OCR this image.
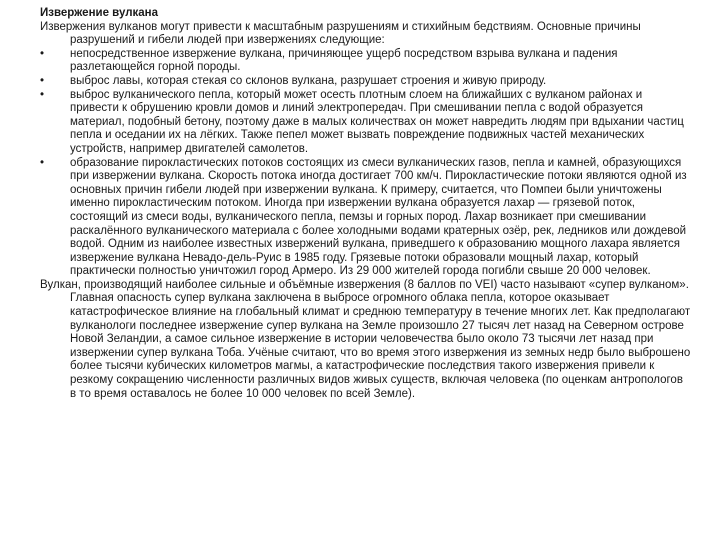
Извержение вулкана

Извержения вулканов могут привести к масштабным разрушениям и стихийным бедствиям. Основные причины разрушений и гибели людей при извержениях следующие:

•	непосредственное извержение вулкана, причиняющее ущерб посредством взрыва вулкана и падения разлетающейся горной породы.
•	выброс лавы, которая стекая со склонов вулкана, разрушает строения и живую природу.
•	выброс вулканического пепла, который может осесть плотным слоем на ближайших с вулканом районах и привести к обрушению кровли домов и линий электропередач. При смешивании пепла с водой образуется материал, подобный бетону, поэтому даже в малых количествах он может навредить людям при вдыхании частиц пепла и оседании их на лёгких. Также пепел может вызвать повреждение подвижных частей механических устройств, например двигателей самолетов.
•	образование пирокластических потоков состоящих из смеси вулканических газов, пепла и камней, образующихся при извержении вулкана. Скорость потока иногда достигает 700 км/ч. Пирокластические потоки являются одной из основных причин гибели людей при извержении вулкана. К примеру, считается, что Помпеи были уничтожены именно пирокластическим потоком. Иногда при извержении вулкана образуется лахар — грязевой поток, состоящий из смеси воды, вулканического пепла, пемзы и горных пород. Лахар возникает при смешивании раскалённого вулканического материала с более холодными водами кратерных озёр, рек, ледников или дождевой водой. Одним из наиболее известных извержений вулкана, приведшего к образованию мощного лахара является извержение вулкана Невадо-дель-Руис в 1985 году. Грязевые потоки образовали мощный лахар, который практически полностью уничтожил город Армеро. Из 29 000 жителей города погибли свыше 20 000 человек.

Вулкан, производящий наиболее сильные и объёмные извержения (8 баллов по VEI) часто называют «супер вулканом». Главная опасность супер вулкана заключена в выбросе огромного облака пепла, которое оказывает катастрофическое влияние на глобальный климат и среднюю температуру в течение многих лет. Как предполагают вулканологи последнее извержение супер вулкана на Земле произошло 27 тысяч лет назад на Северном острове Новой Зеландии, а самое сильное извержение в истории человечества было около 73 тысячи лет назад при извержении супер вулкана Тоба. Учёные считают, что во время этого извержения из земных недр было выброшено более тысячи кубических километров магмы, а катастрофические последствия такого извержения привели к резкому сокращению численности различных видов живых существ, включая человека (по оценкам антропологов в то время оставалось не более 10 000 человек по всей Земле).
